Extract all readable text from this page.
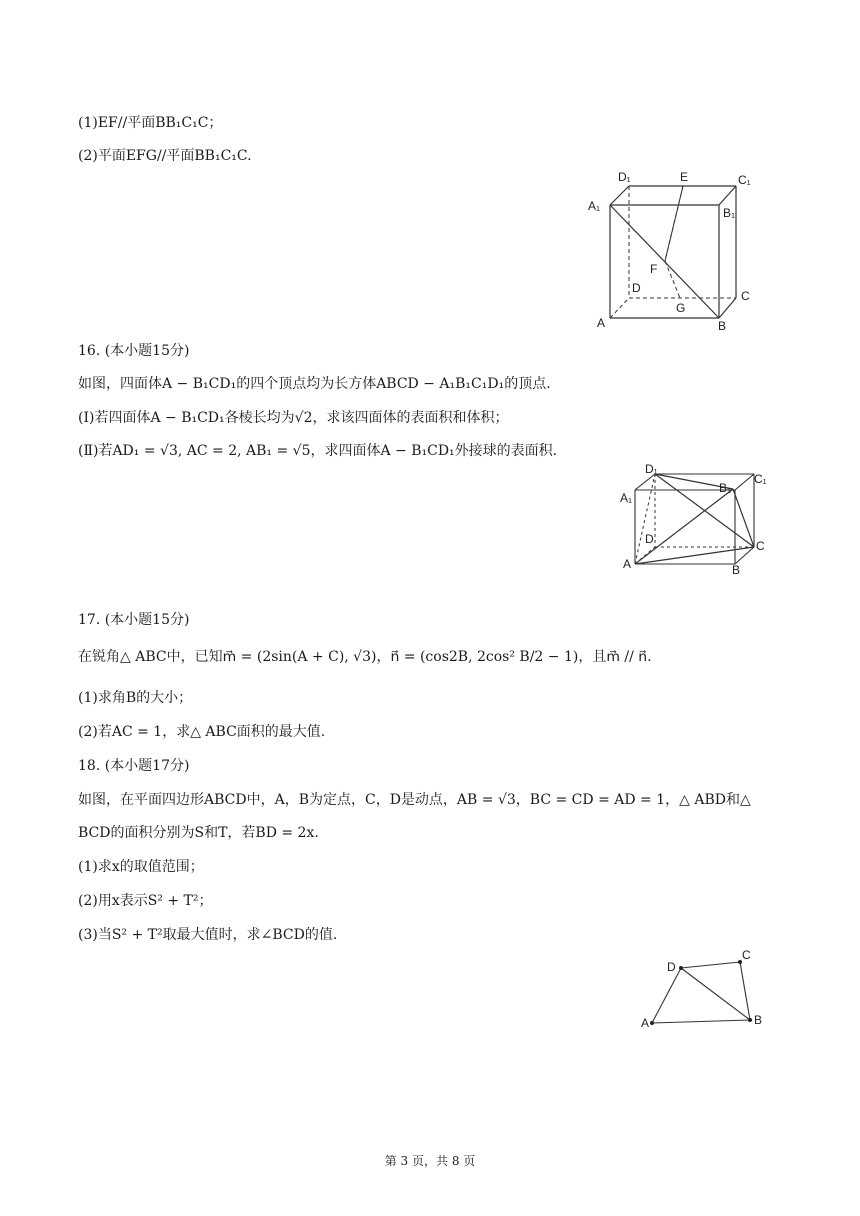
(1)EF//平面BB₁C₁C；
(2)平面EFG//平面BB₁C₁C.
D₁	E	C₁
A₁	B₁
F
D
C
G
A	B
16. (本小题15分)
如图，四面体A − B₁CD₁的四个顶点均为长方体ABCD − A₁B₁C₁D₁的顶点.
(Ⅰ)若四面体A − B₁CD₁各棱长均为√2，求该四面体的表面积和体积；
(Ⅱ)若AD₁ = √3, AC = 2, AB₁ = √5，求四面体A − B₁CD₁外接球的表面积.
D₁
C₁
A₁
B₁
D	C
A	B
17. (本小题15分)
在锐角△ ABC中，已知m⃗ = (2sin(A + C), √3)，n⃗ = (cos2B, 2cos² B/2 − 1)，且m⃗ // n⃗.
(1)求角B的大小；
(2)若AC = 1，求△ ABC面积的最大值.
18. (本小题17分)
如图，在平面四边形ABCD中，A，B为定点，C，D是动点，AB = √3，BC = CD = AD = 1，△ ABD和△
BCD的面积分别为S和T，若BD = 2x.
(1)求x的取值范围；
(2)用x表示S² + T²；
(3)当S² + T²取最大值时，求∠BCD的值.
D
C
A	B
第 3 页，共 8 页
